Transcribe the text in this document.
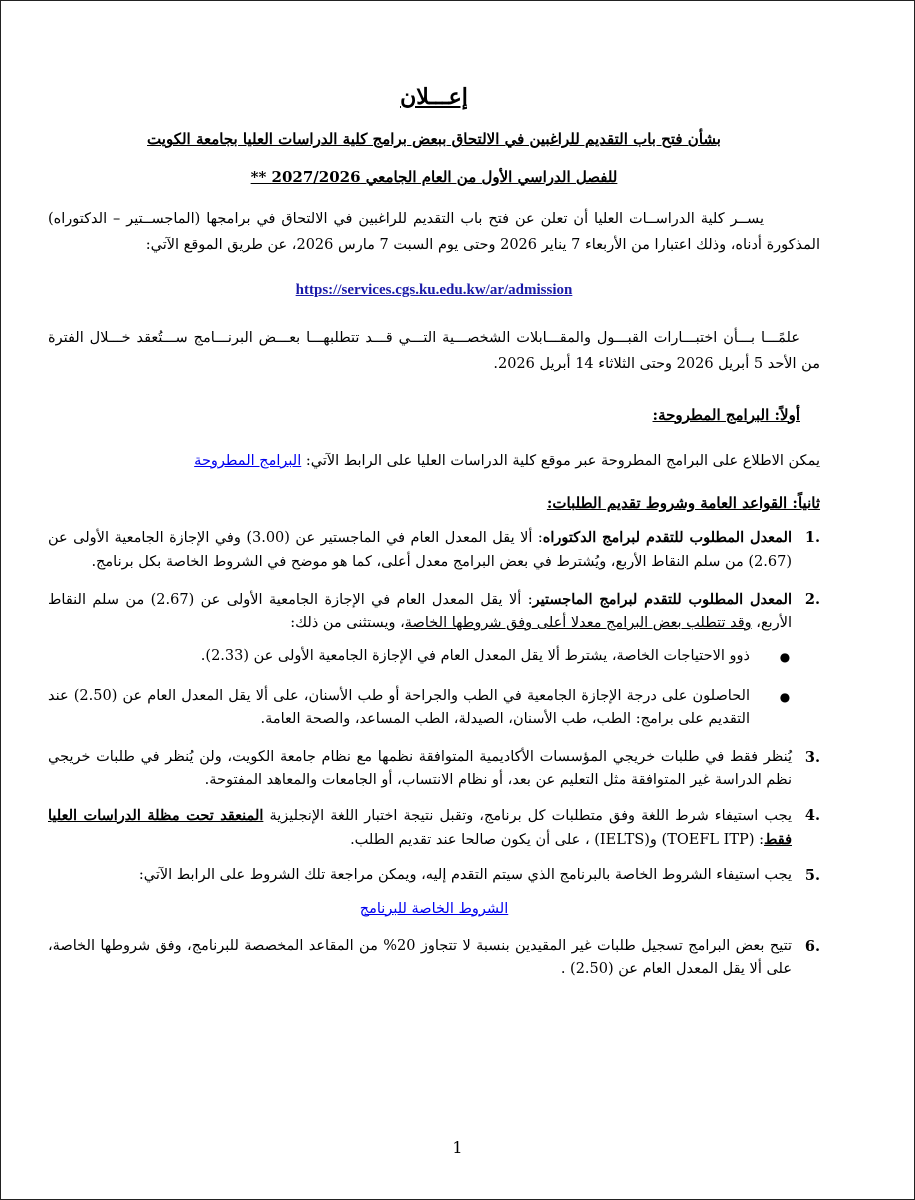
إعـــلان

بشأن فتح باب التقديم للراغبين في الالتحاق ببعض برامج كلية الدراسات العليا بجامعة الكويت

للفصل الدراسي الأول من العام الجامعي 2027/2026 **

يســر كلية الدراســات العليا أن تعلن عن فتح باب التقديم للراغبين في الالتحاق في برامجها (الماجســتير – الدكتوراه) المذكورة أدناه، وذلك اعتبارا من الأربعاء 7 يناير 2026 وحتى يوم السبت 7 مارس 2026، عن طريق الموقع الآتي:

https://services.cgs.ku.edu.kw/ar/admission

علمًـــا بـــأن اختبـــارات القبـــول والمقـــابلات الشخصـــية التـــي قـــد تتطلبهـــا بعـــض البرنـــامج ســـتُعقد خـــلال الفترة من الأحد 5 أبريل 2026 وحتى الثلاثاء 14 أبريل 2026.

أولاً: البرامج المطروحة:

يمكن الاطلاع على البرامج المطروحة عبر موقع كلية الدراسات العليا على الرابط الآتي: البرامج المطروحة

ثانياً: القواعد العامة وشروط تقديم الطلبات:

.1
المعدل المطلوب للتقدم لبرامج الدكتوراه: ألا يقل المعدل العام في الماجستير عن (3.00) وفي الإجازة الجامعية الأولى عن (2.67) من سلم النقاط الأربع، ويُشترط في بعض البرامج معدل أعلى، كما هو موضح في الشروط الخاصة بكل برنامج.
.2
المعدل المطلوب للتقدم لبرامج الماجستير: ألا يقل المعدل العام في الإجازة الجامعية الأولى عن (2.67) من سلم النقاط الأربع، وقد تتطلب بعض البرامج معدلا أعلى وفق شروطها الخاصة، ويستثنى من ذلك:
●
ذوو الاحتياجات الخاصة، يشترط ألا يقل المعدل العام في الإجازة الجامعية الأولى عن (2.33).
●
الحاصلون على درجة الإجازة الجامعية في الطب والجراحة أو طب الأسنان، على ألا يقل المعدل العام عن (2.50) عند التقديم على برامج: الطب، طب الأسنان، الصيدلة، الطب المساعد، والصحة العامة.
.3
يُنظر فقط في طلبات خريجي المؤسسات الأكاديمية المتوافقة نظمها مع نظام جامعة الكويت، ولن يُنظر في طلبات خريجي نظم الدراسة غير المتوافقة مثل التعليم عن بعد، أو نظام الانتساب، أو الجامعات والمعاهد المفتوحة.
.4
يجب استيفاء شرط اللغة وفق متطلبات كل برنامج، وتقبل نتيجة اختبار اللغة الإنجليزية المنعقد تحت مظلة الدراسات العليا فقط: (TOEFL ITP) و(IELTS) ، على أن يكون صالحا عند تقديم الطلب.
.5
يجب استيفاء الشروط الخاصة بالبرنامج الذي سيتم التقدم إليه، ويمكن مراجعة تلك الشروط على الرابط الآتي:

الشروط الخاصة للبرنامج

.6
تتيح بعض البرامج تسجيل طلبات غير المقيدين بنسبة لا تتجاوز 20% من المقاعد المخصصة للبرنامج، وفق شروطها الخاصة، على ألا يقل المعدل العام عن (2.50) .
1
